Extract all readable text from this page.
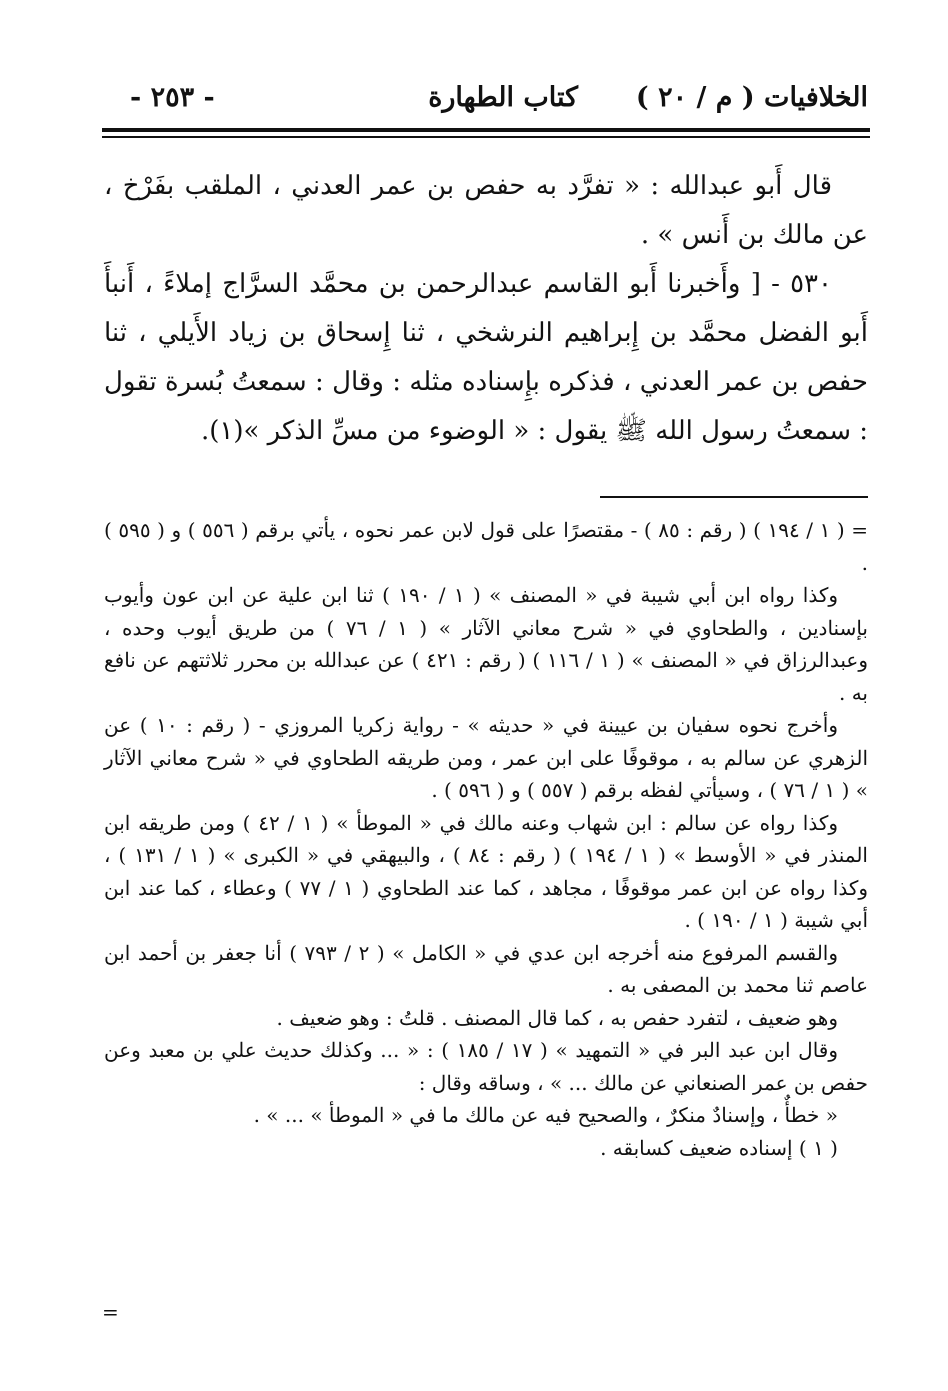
الخلافيات ( م / ٢٠ )
كتاب الطهارة
- ٢٥٣ -

قال أَبو عبدالله : « تفرَّد به حفص بن عمر العدني ، الملقب بفَرْخ ، عن مالك بن أَنس » .

٥٣٠ - [ وأَخبرنا أَبو القاسم عبدالرحمن بن محمَّد السرَّاج إملاءً ، أَنبأَ أَبو الفضل محمَّد بن إِبراهيم النرشخي ، ثنا إِسحاق بن زياد الأَيلي ، ثنا حفص بن عمر العدني ، فذكره بإِسناده مثله : وقال : سمعتُ بُسرة تقول : سمعتُ رسول الله ﷺ يقول : « الوضوء من مسِّ الذكر »(١).

= ( ١ / ١٩٤ ) ( رقم : ٨٥ ) - مقتصرًا على قول لابن عمر نحوه ، يأتي برقم ( ٥٥٦ ) و ( ٥٩٥ ) .

وكذا رواه ابن أبي شيبة في « المصنف » ( ١ / ١٩٠ ) ثنا ابن علية عن ابن عون وأيوب بإسنادين ، والطحاوي في « شرح معاني الآثار » ( ١ / ٧٦ ) من طريق أيوب وحده ، وعبدالرزاق في « المصنف » ( ١ / ١١٦ ) ( رقم : ٤٢١ ) عن عبدالله بن محرر ثلاثتهم عن نافع به .

وأخرج نحوه سفيان بن عيينة في « حديثه » - رواية زكريا المروزي - ( رقم : ١٠ ) عن الزهري عن سالم به ، موقوفًا على ابن عمر ، ومن طريقه الطحاوي في « شرح معاني الآثار » ( ١ / ٧٦ ) ، وسيأتي لفظه برقم ( ٥٥٧ ) و ( ٥٩٦ ) .

وكذا رواه عن سالم : ابن شهاب وعنه مالك في « الموطأ » ( ١ / ٤٢ ) ومن طريقه ابن المنذر في « الأوسط » ( ١ / ١٩٤ ) ( رقم : ٨٤ ) ، والبيهقي في « الكبرى » ( ١ / ١٣١ ) ، وكذا رواه عن ابن عمر موقوفًا ، مجاهد ، كما عند الطحاوي ( ١ / ٧٧ ) وعطاء ، كما عند ابن أبي شيبة ( ١ / ١٩٠ ) .

والقسم المرفوع منه أخرجه ابن عدي في « الكامل » ( ٢ / ٧٩٣ ) أنا جعفر بن أحمد ابن عاصم ثنا محمد بن المصفى به .

وهو ضعيف ، لتفرد حفص به ، كما قال المصنف . قلتُ : وهو ضعيف .

وقال ابن عبد البر في « التمهيد » ( ١٧ / ١٨٥ ) : « ... وكذلك حديث علي بن معبد وعن حفص بن عمر الصنعاني عن مالك ... » ، وساقه وقال :

« خطأٌ ، وإسنادٌ منكرٌ ، والصحيح فيه عن مالك ما في « الموطأ » ... » .

( ١ ) إسناده ضعيف كسابقه .

=
